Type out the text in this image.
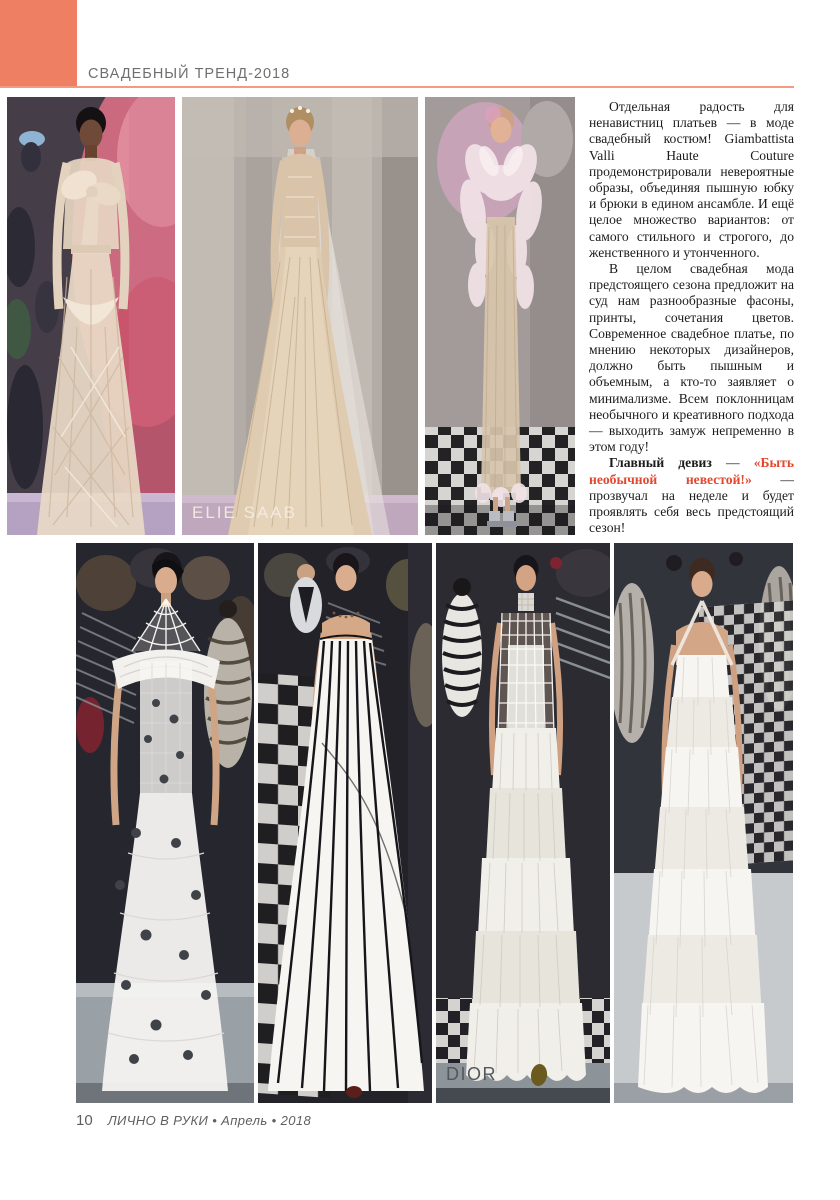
СВАДЕБНЫЙ ТРЕНД-2018
ELIE SAAB

Отдельная радость для ненавистниц платьев — в моде свадебный костюм! Giambattista Valli Haute Couture продемонстрировали невероятные образы, объединяя пышную юбку и брюки в едином ансамбле. И ещё целое множество вариантов: от самого стильного и строгого, до женственного и утонченного.

В целом свадебная мода предстоящего сезона предложит на суд нам разнообразные фасоны, принты, сочетания цветов. Современное свадебное платье, по мнению некоторых дизайнеров, должно быть пышным и объемным, а кто-то заявляет о минимализме. Всем поклонницам необычного и креативного подхода — выходить замуж непременно в этом году!

Главный девиз — «Быть необычной невестой!» — прозвучал на неделе и будет проявлять себя весь предстоящий сезон!

DIOR
10 ЛИЧНО В РУКИ • Апрель • 2018
